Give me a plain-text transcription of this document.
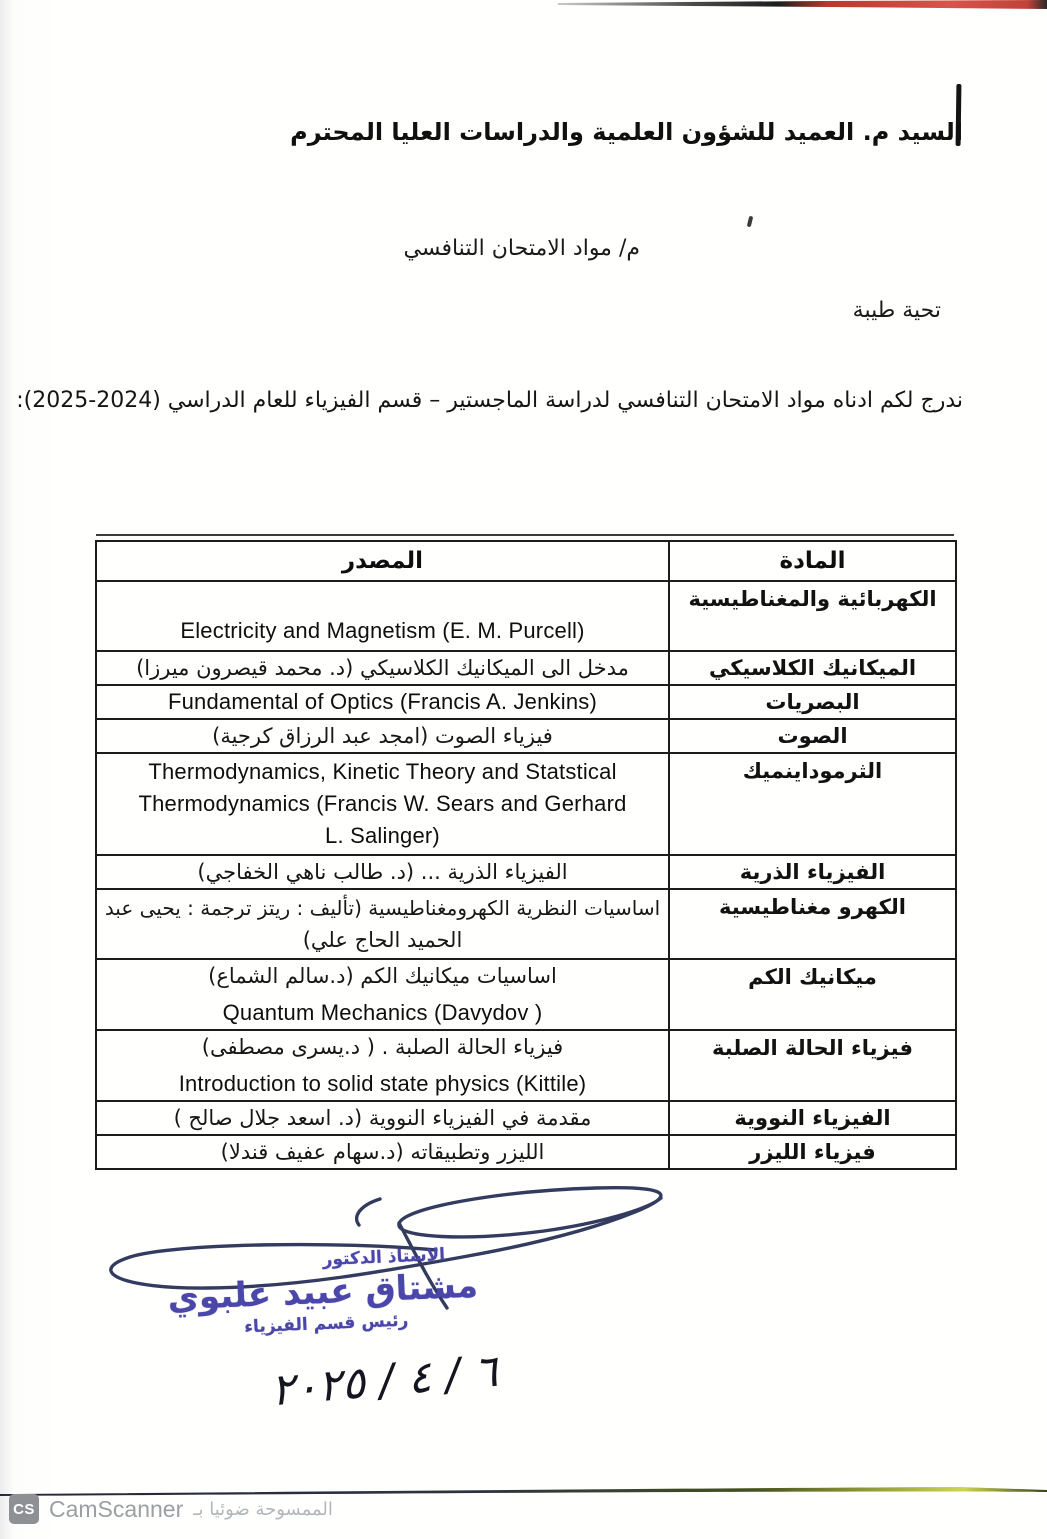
السيد م. العميد للشؤون العلمية والدراسات العليا المحترم
م/ مواد الامتحان التنافسي
تحية طيبة
ندرج لكم ادناه مواد الامتحان التنافسي لدراسة الماجستير – قسم الفيزياء للعام الدراسي (2024-2025):
المادة	المصدر
الكهربائية والمغناطيسية	Electricity and Magnetism (E. M. Purcell)

الميكانيك الكلاسيكي	مدخل الى الميكانيك الكلاسيكي (د. محمد قيصرون ميرزا)

البصريات	Fundamental of Optics (Francis A. Jenkins)

الصوت	فيزياء الصوت (امجد عبد الرزاق كرجية)

الثرموداينميك	Thermodynamics, Kinetic Theory and Statstical
Thermodynamics (Francis W. Sears and Gerhard
L. Salinger)

الفيزياء الذرية	الفيزياء الذرية ... (د. طالب ناهي الخفاجي)

الكهرو مغناطيسية	اساسيات النظرية الكهرومغناطيسية (تأليف : ريتز ترجمة : يحيى عبد
الحميد الحاج علي)

ميكانيك الكم	اساسيات ميكانيك الكم (د.سالم الشماع)
Quantum Mechanics (Davydov )

فيزياء الحالة الصلبة	فيزياء الحالة الصلبة . ( د.يسرى مصطفى)
Introduction to solid state physics (Kittile)

الفيزياء النووية	مقدمة في الفيزياء النووية (د. اسعد جلال صالح )

فيزياء الليزر	الليزر وتطبيقاته (د.سهام عفيف قندلا)
الاستاذ الدكتور
مشتاق عبيد علبوي
رئيس قسم الفيزياء
٦ / ٤ / ٢٠٢٥
CS CamScanner الممسوحة ضوئيا بـ
